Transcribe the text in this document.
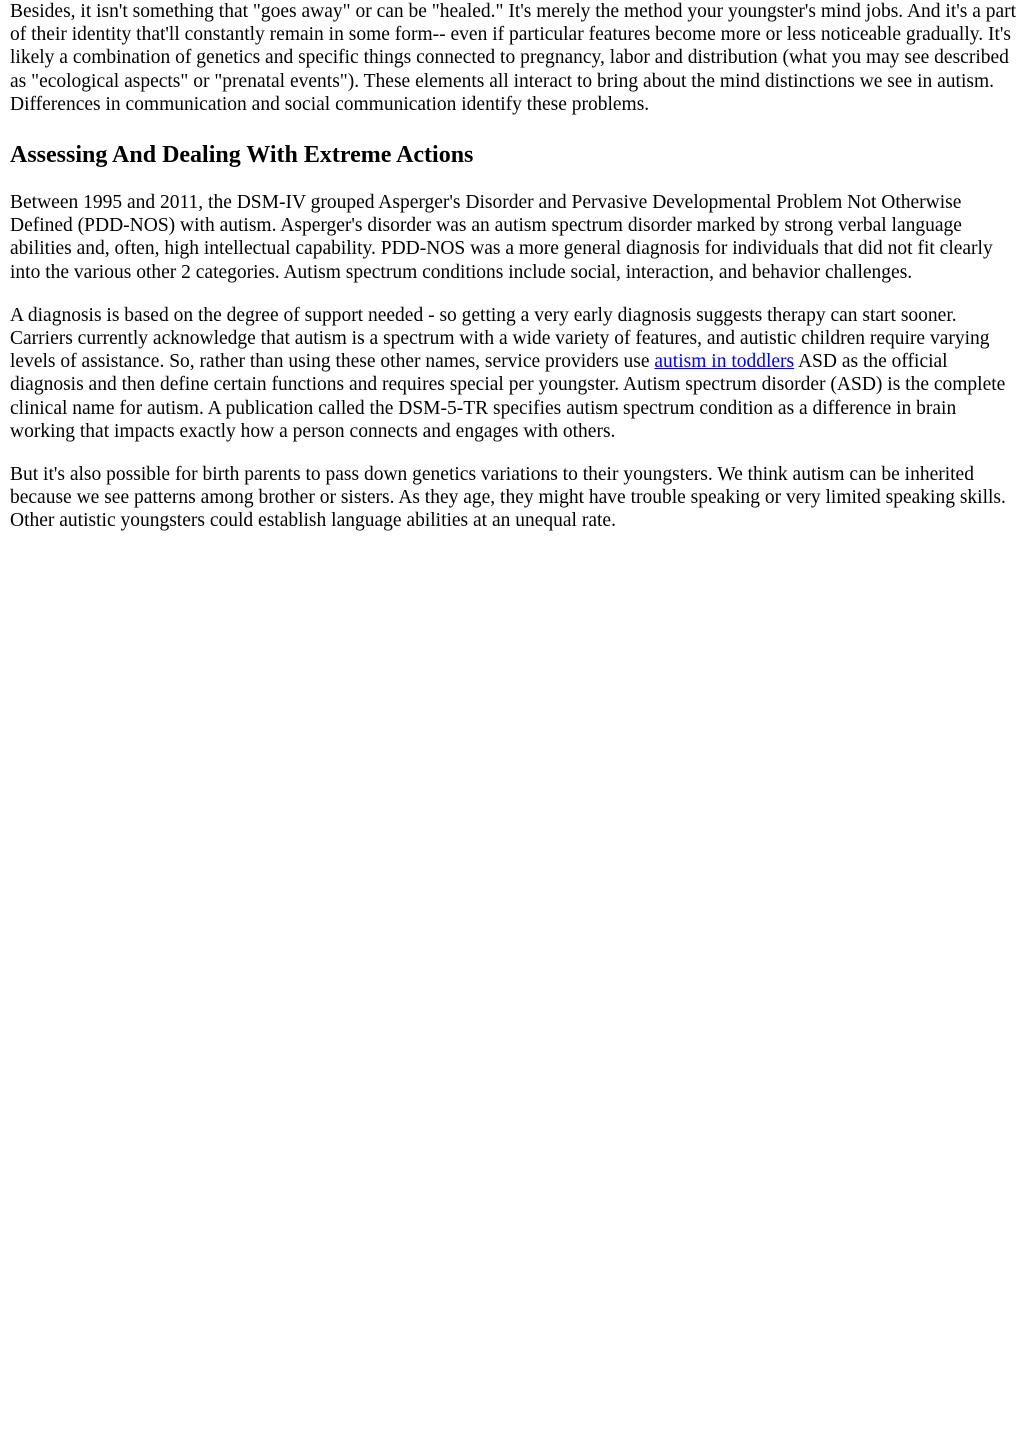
Besides, it isn't something that "goes away" or can be "healed." It's merely the method your youngster's mind jobs. And it's a part of their identity that'll constantly remain in some form-- even if particular features become more or less noticeable gradually. It's likely a combination of genetics and specific things connected to pregnancy, labor and distribution (what you may see described as "ecological aspects" or "prenatal events"). These elements all interact to bring about the mind distinctions we see in autism. Differences in communication and social communication identify these problems.

Assessing And Dealing With Extreme Actions

Between 1995 and 2011, the DSM-IV grouped Asperger's Disorder and Pervasive Developmental Problem Not Otherwise Defined (PDD-NOS) with autism. Asperger's disorder was an autism spectrum disorder marked by strong verbal language abilities and, often, high intellectual capability. PDD-NOS was a more general diagnosis for individuals that did not fit clearly into the various other 2 categories. Autism spectrum conditions include social, interaction, and behavior challenges.

A diagnosis is based on the degree of support needed - so getting a very early diagnosis suggests therapy can start sooner. Carriers currently acknowledge that autism is a spectrum with a wide variety of features, and autistic children require varying levels of assistance. So, rather than using these other names, service providers use autism in toddlers ASD as the official diagnosis and then define certain functions and requires special per youngster. Autism spectrum disorder (ASD) is the complete clinical name for autism. A publication called the DSM-5-TR specifies autism spectrum condition as a difference in brain working that impacts exactly how a person connects and engages with others.

But it's also possible for birth parents to pass down genetics variations to their youngsters. We think autism can be inherited because we see patterns among brother or sisters. As they age, they might have trouble speaking or very limited speaking skills. Other autistic youngsters could establish language abilities at an unequal rate.
